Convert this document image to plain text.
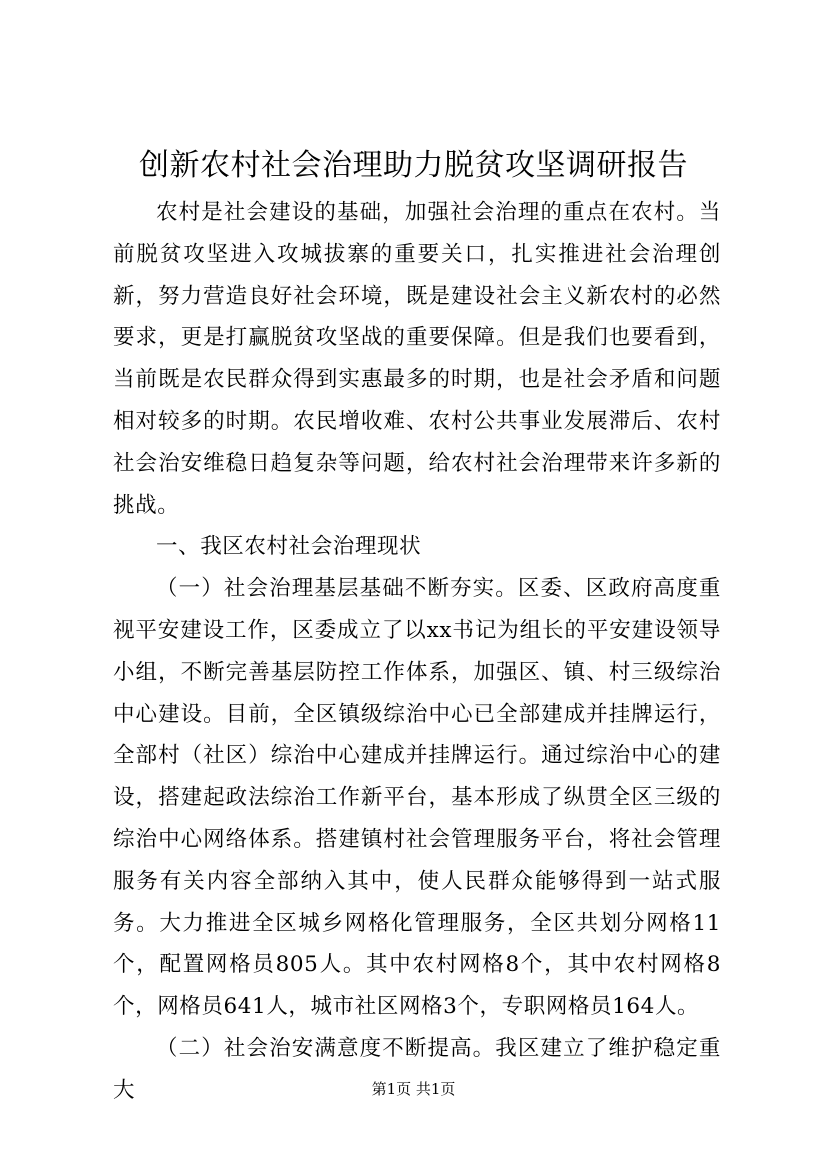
创新农村社会治理助力脱贫攻坚调研报告

农村是社会建设的基础，加强社会治理的重点在农村。当前脱贫攻坚进入攻城拔寨的重要关口，扎实推进社会治理创新，努力营造良好社会环境，既是建设社会主义新农村的必然要求，更是打赢脱贫攻坚战的重要保障。但是我们也要看到，当前既是农民群众得到实惠最多的时期，也是社会矛盾和问题相对较多的时期。农民增收难、农村公共事业发展滞后、农村社会治安维稳日趋复杂等问题，给农村社会治理带来许多新的挑战。

一、我区农村社会治理现状

（一）社会治理基层基础不断夯实。区委、区政府高度重视平安建设工作，区委成立了以xx书记为组长的平安建设领导小组，不断完善基层防控工作体系，加强区、镇、村三级综治中心建设。目前，全区镇级综治中心已全部建成并挂牌运行，全部村（社区）综治中心建成并挂牌运行。通过综治中心的建设，搭建起政法综治工作新平台，基本形成了纵贯全区三级的综治中心网络体系。搭建镇村社会管理服务平台，将社会管理服务有关内容全部纳入其中，使人民群众能够得到一站式服务。大力推进全区城乡网格化管理服务，全区共划分网格11个，配置网格员805人。其中农村网格8个，其中农村网格8个，网格员641人，城市社区网格3个，专职网格员164人。

（二）社会治安满意度不断提高。我区建立了维护稳定重大	第1页 共1页
